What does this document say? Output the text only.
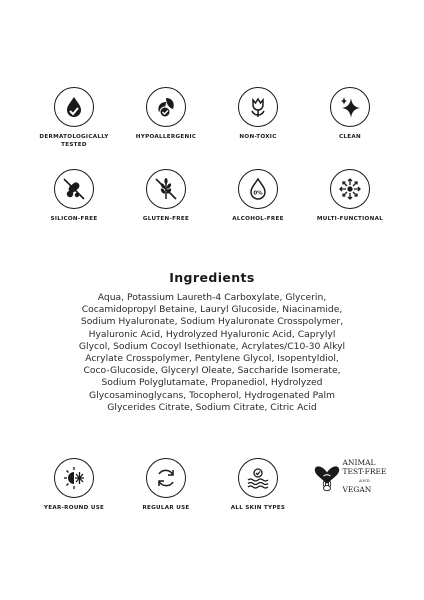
DERMATOLOGICALLY
TESTED
HYPOALLERGENIC	NON-TOXIC	CLEAN
SILICON-FREE	GLUTEN-FREE
0%
ALCOHOL-FREE	MULTI-FUNCTIONAL
Ingredients
Aqua, Potassium Laureth-4 Carboxylate, Glycerin,
Cocamidopropyl Betaine, Lauryl Glucoside, Niacinamide,
Sodium Hyaluronate, Sodium Hyaluronate Crosspolymer,
Hyaluronic Acid, Hydrolyzed Hyaluronic Acid, Caprylyl
Glycol, Sodium Cocoyl Isethionate, Acrylates/C10-30 Alkyl
Acrylate Crosspolymer, Pentylene Glycol, Isopentyldiol,
Coco-Glucoside, Glyceryl Oleate, Saccharide Isomerate,
Sodium Polyglutamate, Propanediol, Hydrolyzed
Glycosaminoglycans, Tocopherol, Hydrogenated Palm
Glycerides Citrate, Sodium Citrate, Citric Acid
YEAR-ROUND USE	REGULAR USE	ALL SKIN TYPES
ANIMAL
TEST-FREE
AND
VEGAN
